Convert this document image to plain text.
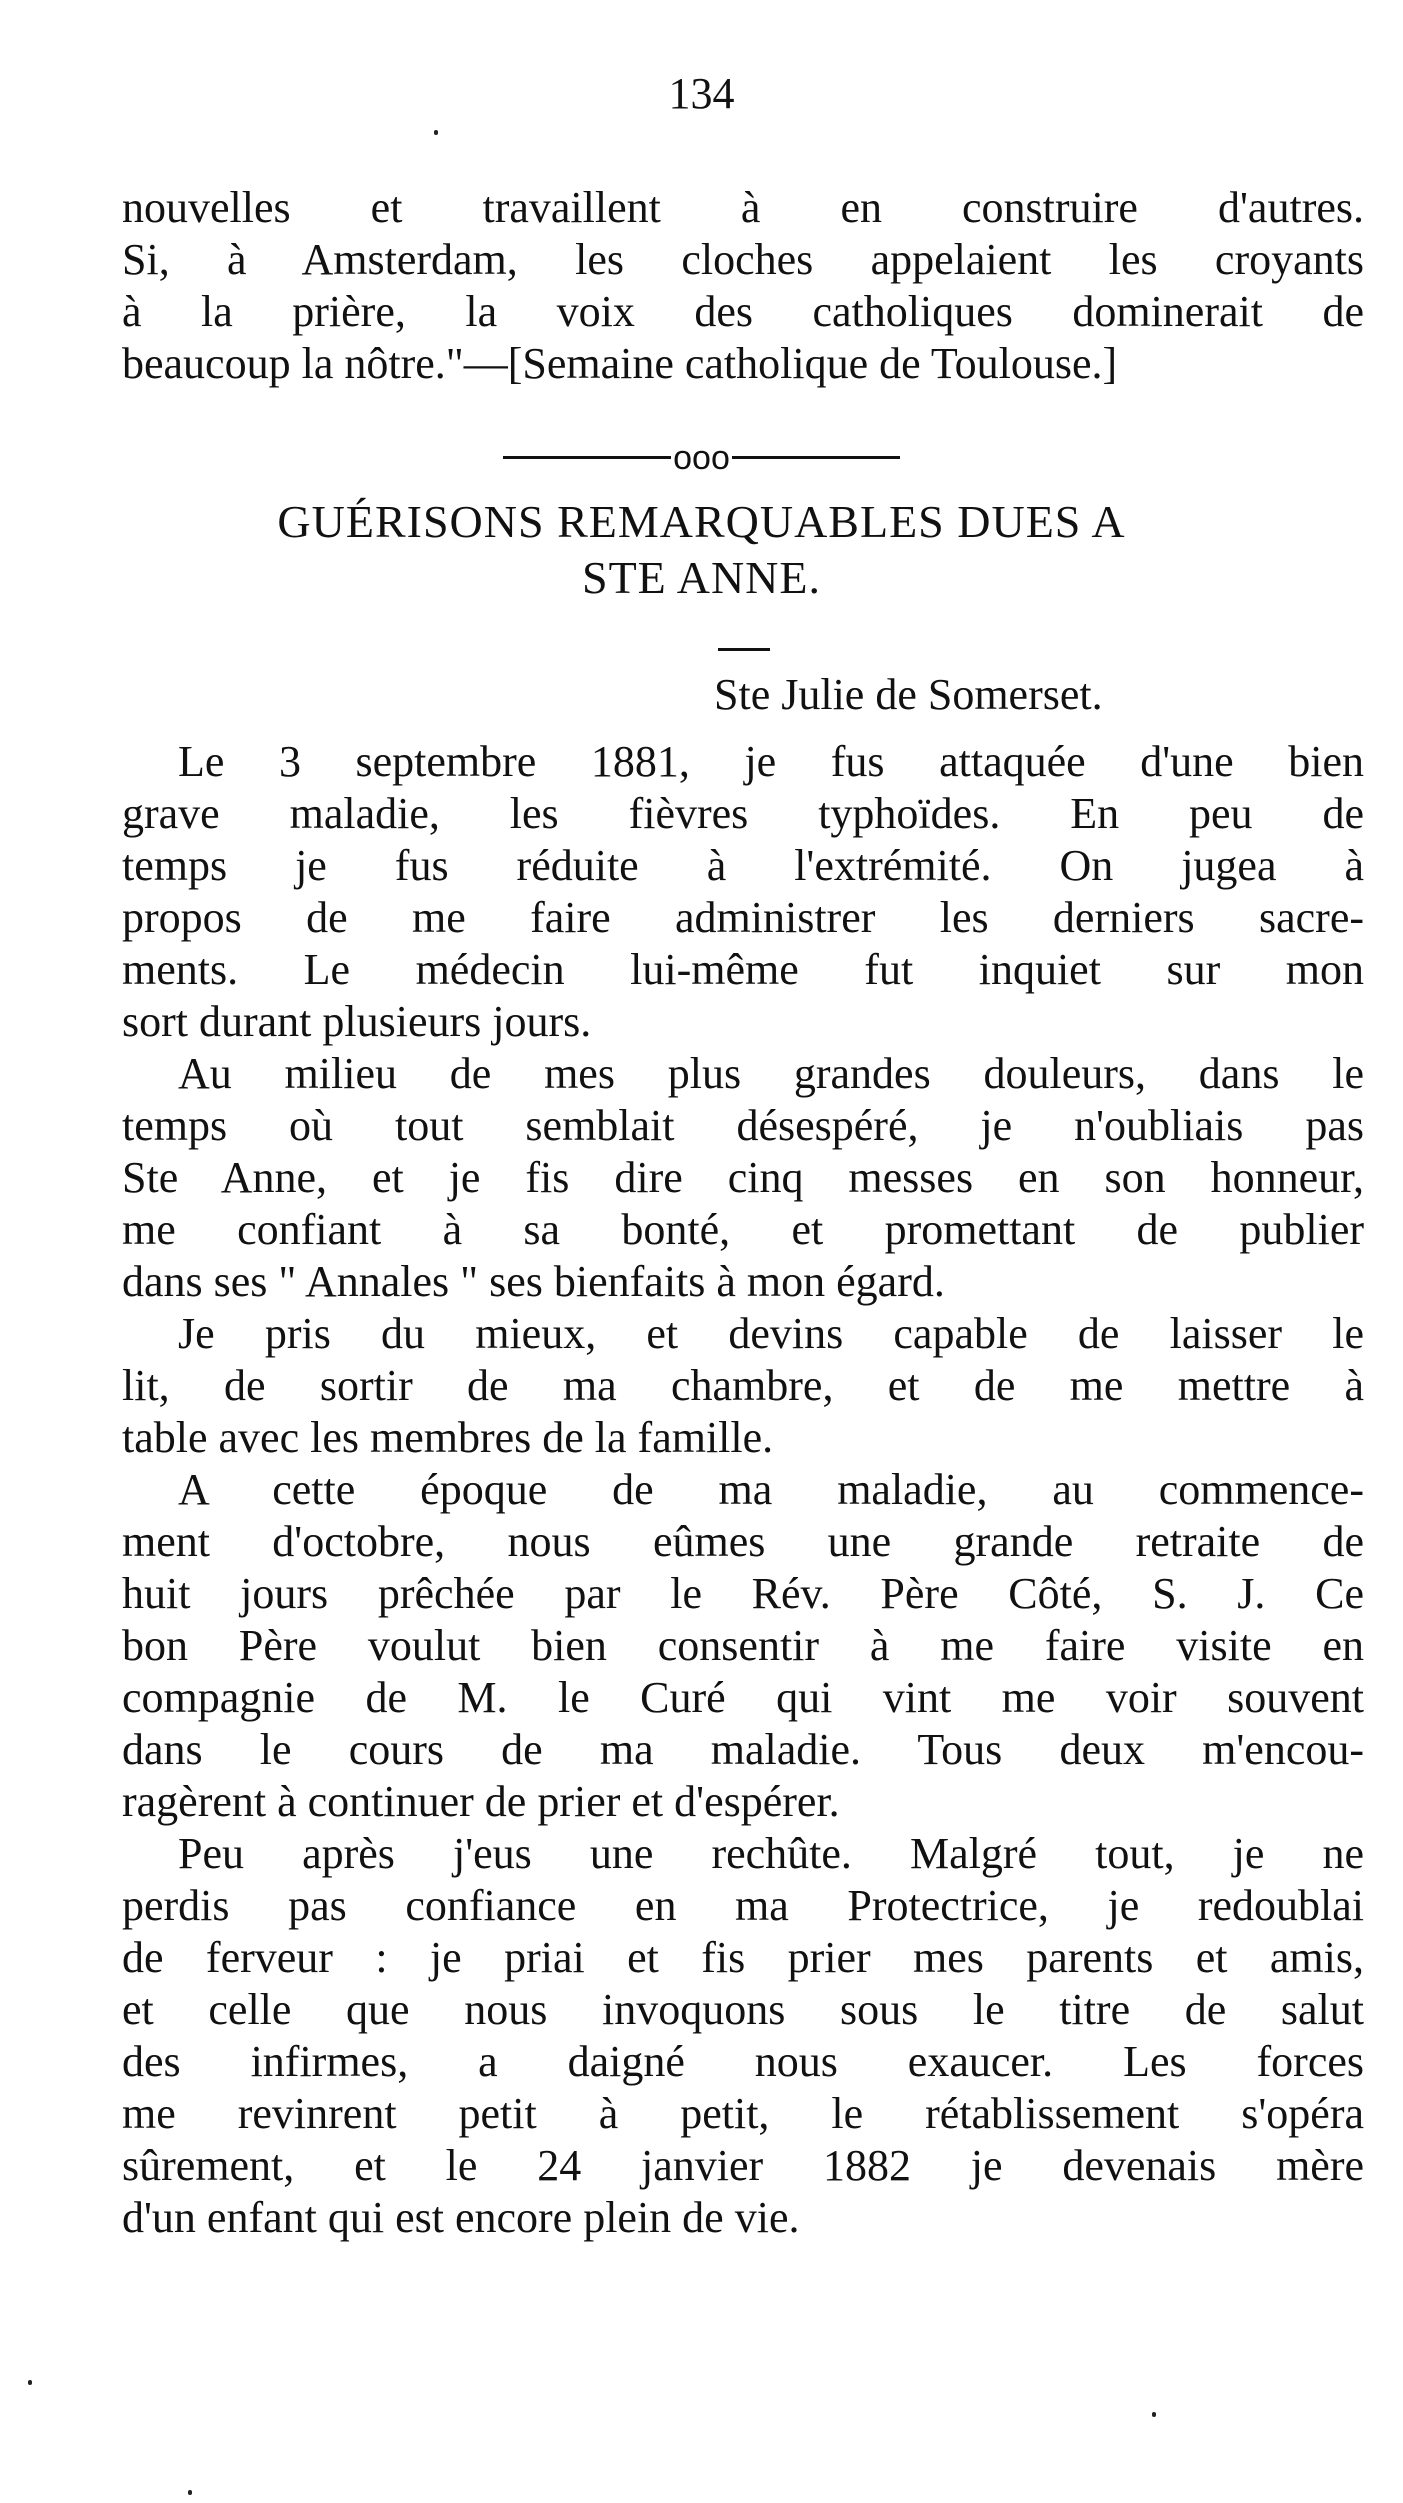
134
nouvelles et travaillent à en construire d'autres.
Si, à Amsterdam, les cloches appelaient les croyants
à la prière, la voix des catholiques dominerait de
beaucoup la nôtre."—[Semaine catholique de Toulouse.]
ooo
GUÉRISONS REMARQUABLES DUES A
STE ANNE.
Ste Julie de Somerset.
Le 3 septembre 1881, je fus attaquée d'une bien
grave maladie, les fièvres typhoïdes. En peu de
temps je fus réduite à l'extrémité. On jugea à
propos de me faire administrer les derniers sacre-
ments. Le médecin lui-même fut inquiet sur mon
sort durant plusieurs jours.
Au milieu de mes plus grandes douleurs, dans le
temps où tout semblait désespéré, je n'oubliais pas
Ste Anne, et je fis dire cinq messes en son honneur,
me confiant à sa bonté, et promettant de publier
dans ses " Annales " ses bienfaits à mon égard.
Je pris du mieux, et devins capable de laisser le
lit, de sortir de ma chambre, et de me mettre à
table avec les membres de la famille.
A cette époque de ma maladie, au commence-
ment d'octobre, nous eûmes une grande retraite de
huit jours prêchée par le Rév. Père Côté, S. J. Ce
bon Père voulut bien consentir à me faire visite en
compagnie de M. le Curé qui vint me voir souvent
dans le cours de ma maladie. Tous deux m'encou-
ragèrent à continuer de prier et d'espérer.
Peu après j'eus une rechûte. Malgré tout, je ne
perdis pas confiance en ma Protectrice, je redoublai
de ferveur : je priai et fis prier mes parents et amis,
et celle que nous invoquons sous le titre de salut
des infirmes, a daigné nous exaucer. Les forces
me revinrent petit à petit, le rétablissement s'opéra
sûrement, et le 24 janvier 1882 je devenais mère
d'un enfant qui est encore plein de vie.
